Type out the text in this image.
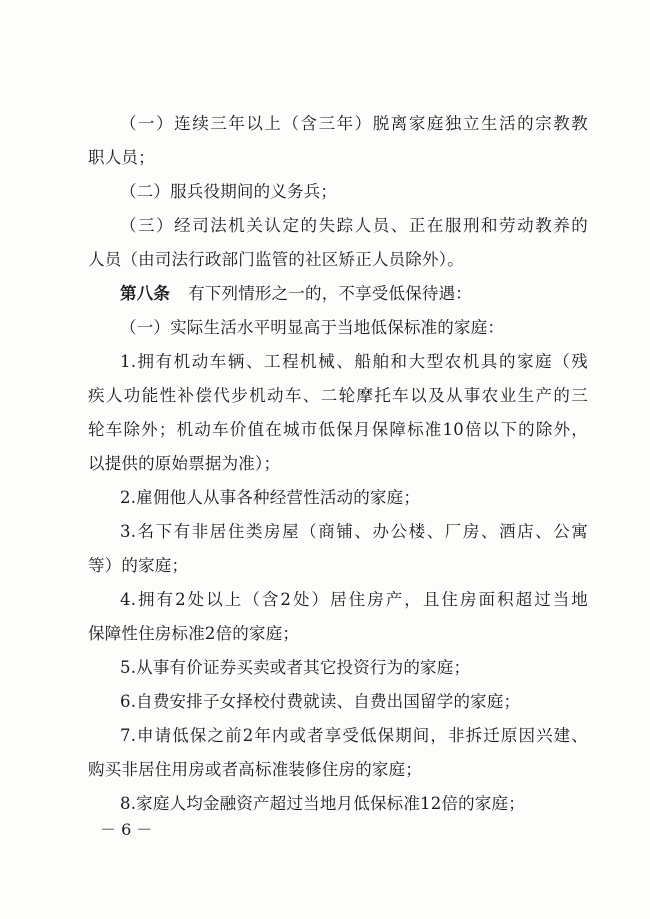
（一）连续三年以上（含三年）脱离家庭独立生活的宗教教
职人员；
（二）服兵役期间的义务兵；
（三）经司法机关认定的失踪人员、正在服刑和劳动教养的
人员（由司法行政部门监管的社区矫正人员除外）。
第八条 有下列情形之一的，不享受低保待遇：
（一）实际生活水平明显高于当地低保标准的家庭：
1.拥有机动车辆、工程机械、船舶和大型农机具的家庭（残
疾人功能性补偿代步机动车、二轮摩托车以及从事农业生产的三
轮车除外；机动车价值在城市低保月保障标准10倍以下的除外，
以提供的原始票据为准）；
2.雇佣他人从事各种经营性活动的家庭；
3.名下有非居住类房屋（商铺、办公楼、厂房、酒店、公寓
等）的家庭；
4.拥有2处以上（含2处）居住房产，且住房面积超过当地
保障性住房标准2倍的家庭；
5.从事有价证券买卖或者其它投资行为的家庭；
6.自费安排子女择校付费就读、自费出国留学的家庭；
7.申请低保之前2年内或者享受低保期间，非拆迁原因兴建、
购买非居住用房或者高标准装修住房的家庭；
8.家庭人均金融资产超过当地月低保标准12倍的家庭；
－ 6 －
